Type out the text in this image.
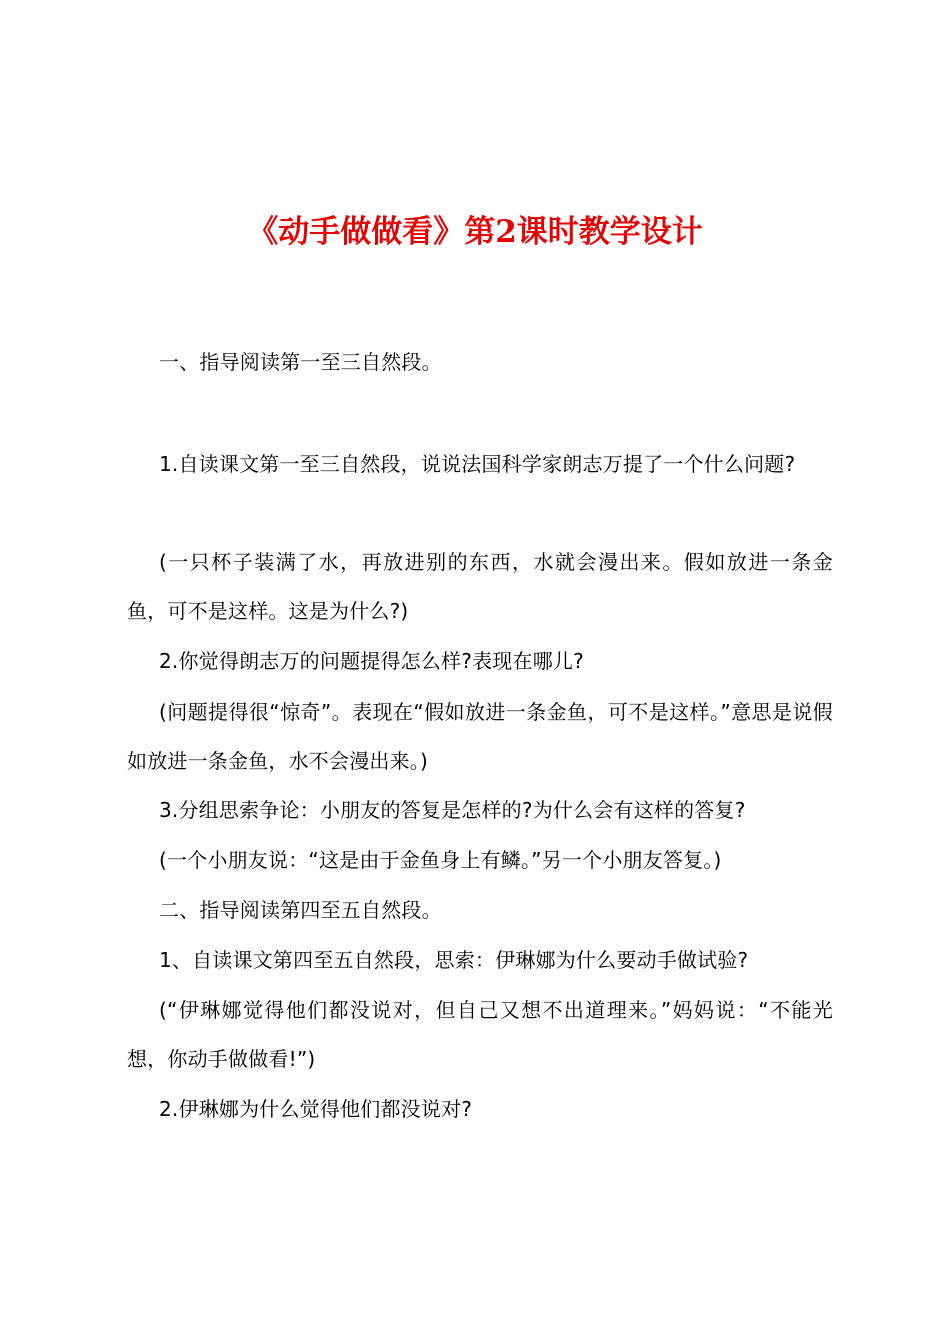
《动手做做看》第2课时教学设计

一、指导阅读第一至三自然段。

1.自读课文第一至三自然段，说说法国科学家朗志万提了一个什么问题?

(一只杯子装满了水，再放进别的东西，水就会漫出来。假如放进一条金鱼，可不是这样。这是为什么?)

2.你觉得朗志万的问题提得怎么样?表现在哪儿?

(问题提得很“惊奇”。表现在“假如放进一条金鱼，可不是这样。”意思是说假如放进一条金鱼，水不会漫出来。)

3.分组思索争论：小朋友的答复是怎样的?为什么会有这样的答复?

(一个小朋友说：“这是由于金鱼身上有鳞。”另一个小朋友答复。)

二、指导阅读第四至五自然段。

1、自读课文第四至五自然段，思索：伊琳娜为什么要动手做试验?

(“伊琳娜觉得他们都没说对，但自己又想不出道理来。”妈妈说：“不能光想，你动手做做看!”)

2.伊琳娜为什么觉得他们都没说对?
